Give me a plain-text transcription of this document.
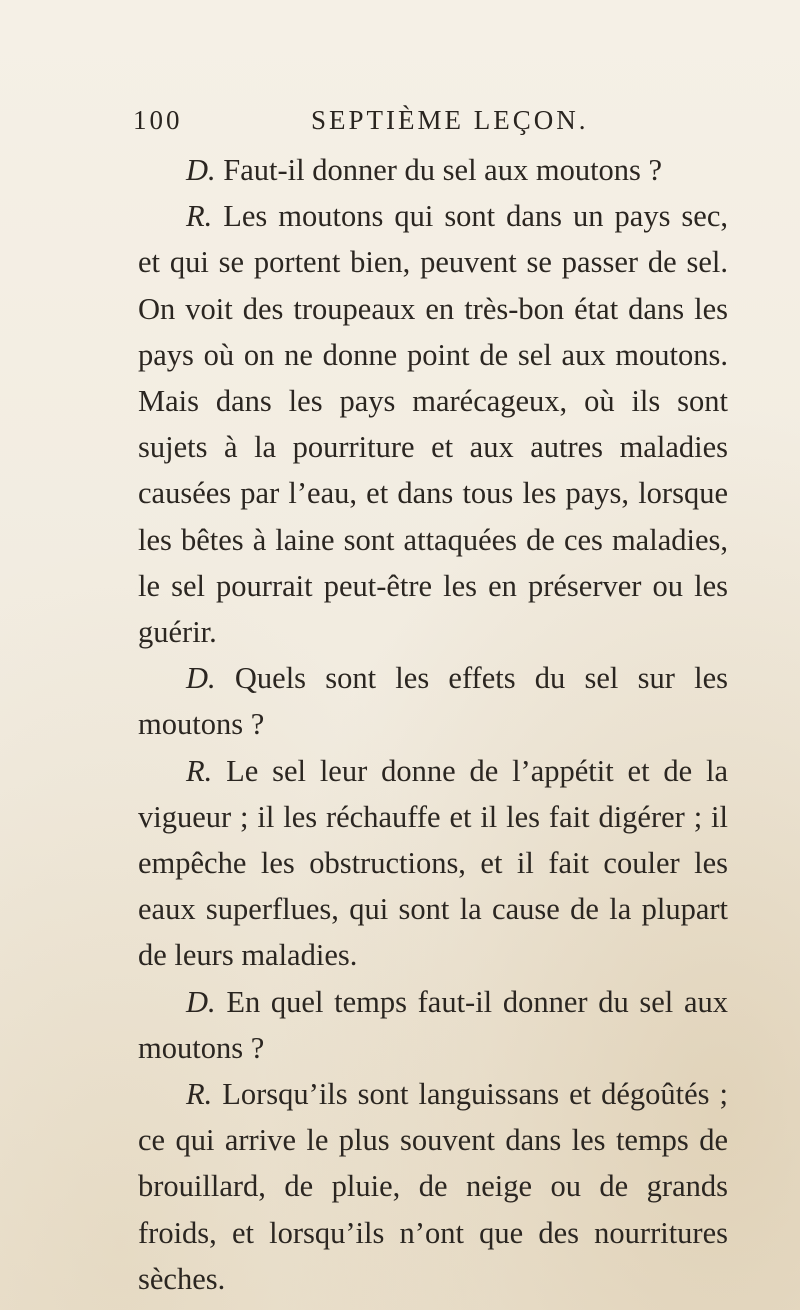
100	SEPTIÈME LEÇON.

D. Faut-il donner du sel aux moutons ?

R. Les moutons qui sont dans un pays sec, et qui se portent bien, peuvent se passer de sel. On voit des troupeaux en très-bon état dans les pays où on ne donne point de sel aux moutons. Mais dans les pays marécageux, où ils sont sujets à la pourriture et aux autres maladies causées par l’eau, et dans tous les pays, lorsque les bêtes à laine sont attaquées de ces maladies, le sel pourrait peut-être les en préserver ou les guérir.

D. Quels sont les effets du sel sur les moutons ?

R. Le sel leur donne de l’appétit et de la vigueur ; il les réchauffe et il les fait digérer ; il empêche les obstructions, et il fait couler les eaux superflues, qui sont la cause de la plupart de leurs maladies.

D. En quel temps faut-il donner du sel aux moutons ?

R. Lorsqu’ils sont languissans et dégoûtés ; ce qui arrive le plus souvent dans les temps de brouillard, de pluie, de neige ou de grands froids, et lorsqu’ils n’ont que des nourritures sèches.
